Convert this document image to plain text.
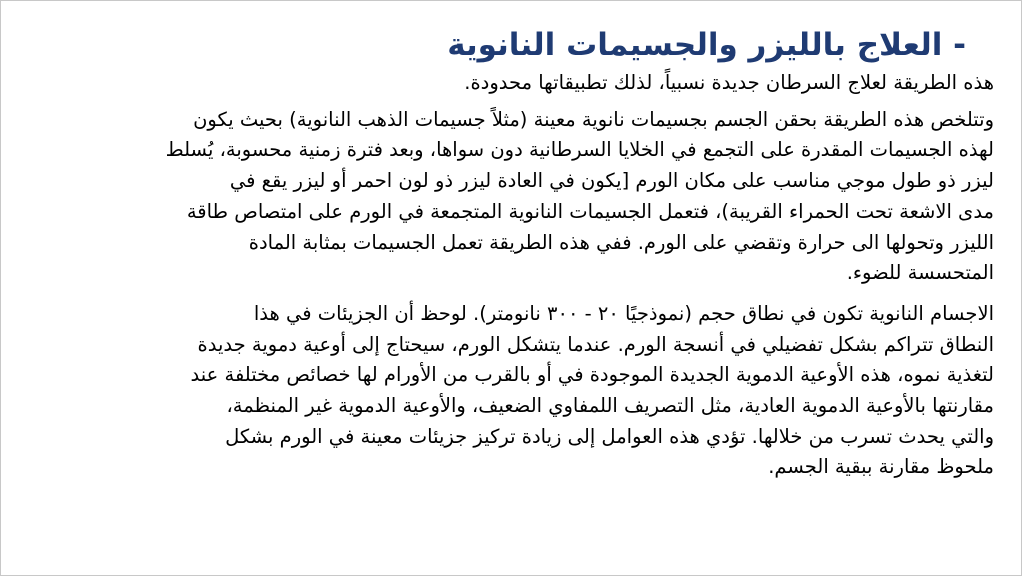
- العلاج بالليزر والجسيمات النانوية

هذه الطريقة لعلاج السرطان جديدة نسبياً، لذلك تطبيقاتها محدودة.

وتتلخص هذه الطريقة بحقن الجسم بجسيمات نانوية معينة (مثلاً جسيمات الذهب النانوية) بحيث يكون
لهذه الجسيمات المقدرة على التجمع في الخلايا السرطانية دون سواها، وبعد فترة زمنية محسوبة، يُسلط
ليزر ذو طول موجي مناسب على مكان الورم [يكون في العادة ليزر ذو لون احمر أو ليزر يقع في
مدى الاشعة تحت الحمراء القريبة)، فتعمل الجسيمات النانوية المتجمعة في الورم على امتصاص طاقة
الليزر وتحولها الى حرارة وتقضي على الورم. ففي هذه الطريقة تعمل الجسيمات بمثابة المادة
المتحسسة للضوء.

الاجسام النانوية تكون في نطاق حجم (نموذجيًا ٢٠ - ٣٠٠ نانومتر). لوحظ أن الجزيئات في هذا
النطاق تتراكم بشكل تفضيلي في أنسجة الورم. عندما يتشكل الورم، سيحتاج إلى أوعية دموية جديدة
لتغذية نموه، هذه الأوعية الدموية الجديدة الموجودة في أو بالقرب من الأورام لها خصائص مختلفة عند
مقارنتها بالأوعية الدموية العادية، مثل التصريف اللمفاوي الضعيف، والأوعية الدموية غير المنظمة،
والتي يحدث تسرب من خلالها. تؤدي هذه العوامل إلى زيادة تركيز جزيئات معينة في الورم بشكل
ملحوظ مقارنة ببقية الجسم.
